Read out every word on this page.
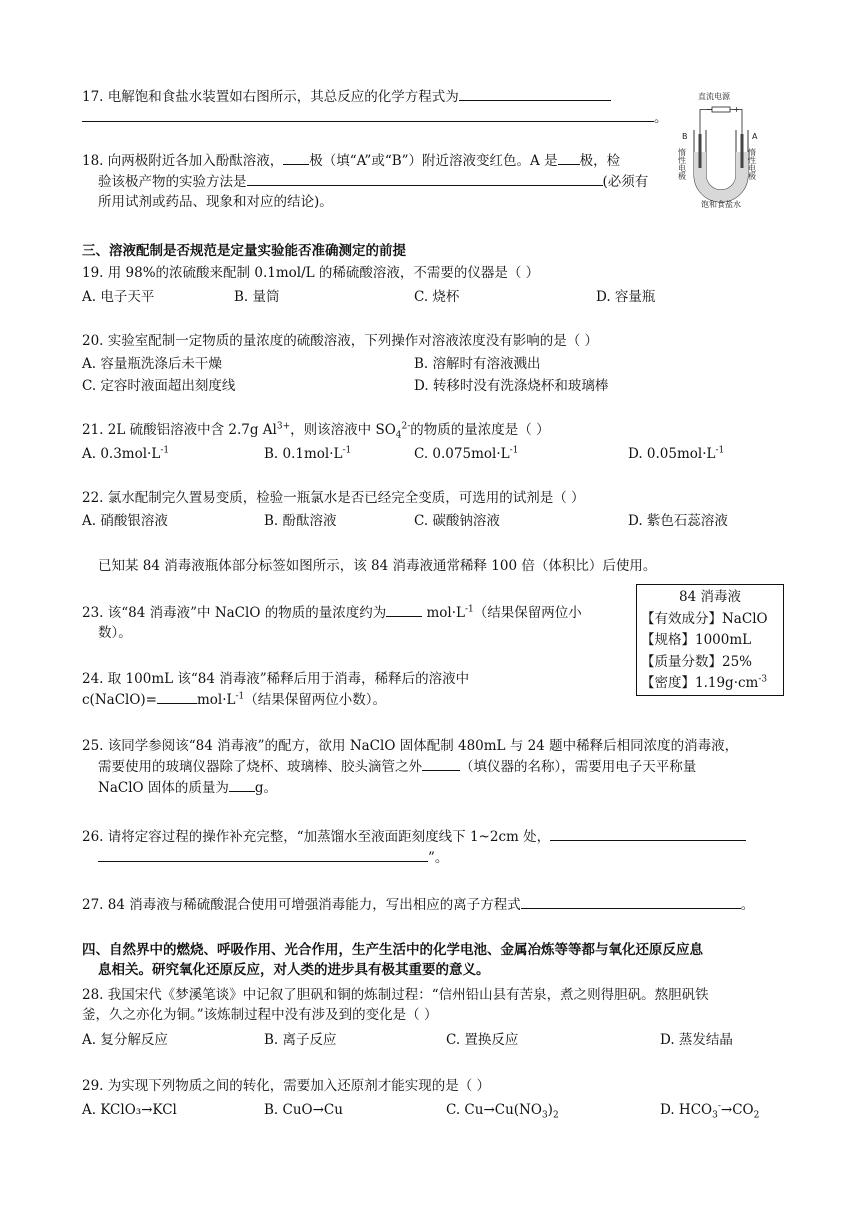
17. 电解饱和食盐水装置如右图所示，其总反应的化学方程式为
。
直流电源
−	+
B
惰性电极
A
惰性电极
饱和食盐水
18. 向两极附近各加入酚酞溶液， 极（填“A”或“B”）附近溶液变红色。A 是 极，检
验该极产物的实验方法是	(必须有
所用试剂或药品、现象和对应的结论)。
三、溶液配制是否规范是定量实验能否准确测定的前提
19. 用 98%的浓硫酸来配制 0.1mol/L 的稀硫酸溶液，不需要的仪器是（ ）
A. 电子天平	B. 量筒	C. 烧杯	D. 容量瓶
20. 实验室配制一定物质的量浓度的硫酸溶液，下列操作对溶液浓度没有影响的是（ ）
A. 容量瓶洗涤后未干燥	B. 溶解时有溶液溅出
C. 定容时液面超出刻度线	D. 转移时没有洗涤烧杯和玻璃棒
21. 2L 硫酸铝溶液中含 2.7g $Al^{3+}$，则该溶液中 $SO_4^{2-}$的物质的量浓度是（ ）
A. $0.3mol\cdot L^{-1}$	B. $0.1mol\cdot L^{-1}$	C. $0.075mol\cdot L^{-1}$	D. $0.05mol\cdot L^{-1}$
22. 氯水配制完久置易变质，检验一瓶氯水是否已经完全变质，可选用的试剂是（ ）
A. 硝酸银溶液	B. 酚酞溶液	C. 碳酸钠溶液	D. 紫色石蕊溶液
已知某 84 消毒液瓶体部分标签如图所示，该 84 消毒液通常稀释 100 倍（体积比）后使用。
84 消毒液
【有效成分】NaClO
【规格】1000mL
【质量分数】25%
【密度】$1.19g\cdot cm^{-3}$
23. 该“84 消毒液”中 NaClO 的物质的量浓度约为	$mol\cdot L^{-1}$（结果保留两位小
数）。
24. 取 100mL 该“84 消毒液”稀释后用于消毒，稀释后的溶液中
c(NaClO)=	$mol\cdot L^{-1}$（结果保留两位小数）。
25. 该同学参阅该“84 消毒液”的配方，欲用 NaClO 固体配制 480mL 与 24 题中稀释后相同浓度的消毒液，
需要使用的玻璃仪器除了烧杯、玻璃棒、胶头滴管之外	（填仪器的名称），需要用电子天平称量
NaClO 固体的质量为 g。
26. 请将定容过程的操作补充完整，“加蒸馏水至液面距刻度线下 1~2cm 处，
”。
27. 84 消毒液与稀硫酸混合使用可增强消毒能力，写出相应的离子方程式	。
四、自然界中的燃烧、呼吸作用、光合作用，生产生活中的化学电池、金属冶炼等等都与氧化还原反应息
息相关。研究氧化还原反应，对人类的进步具有极其重要的意义。
28. 我国宋代《梦溪笔谈》中记叙了胆矾和铜的炼制过程：“信州铅山县有苦泉，煮之则得胆矾。熬胆矾铁
釜，久之亦化为铜。”该炼制过程中没有涉及到的变化是（ ）
A. 复分解反应	B. 离子反应	C. 置换反应	D. 蒸发结晶
29. 为实现下列物质之间的转化，需要加入还原剂才能实现的是（ ）
A. KClO₃→KCl	B. CuO→Cu	C. $Cu\to Cu(NO_3)_2$	D. $HCO_3^-\to CO_2$
